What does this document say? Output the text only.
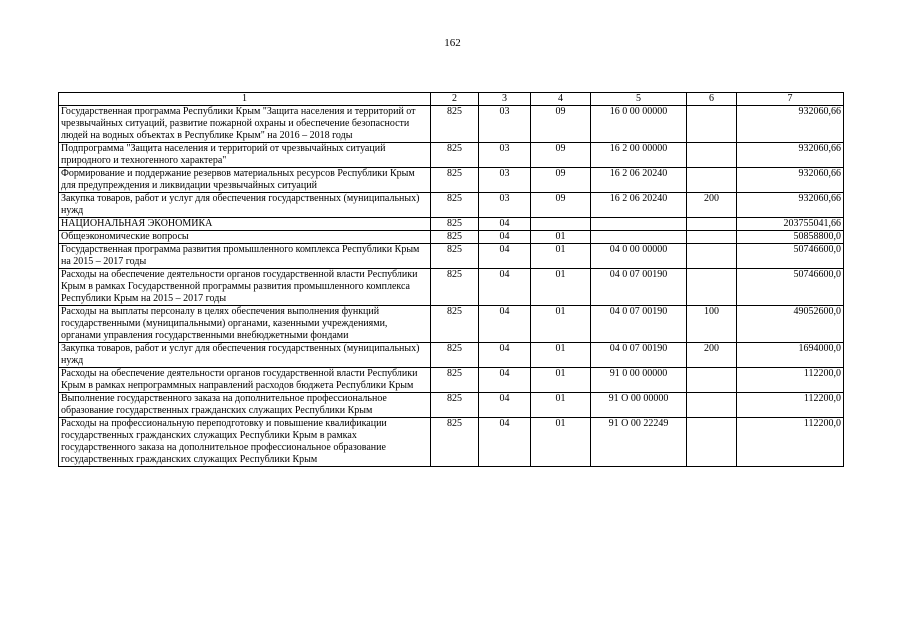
162
1	2	3	4	5	6	7
Государственная программа Республики Крым "Защита населения и территорий от чрезвычайных ситуаций, развитие пожарной охраны и обеспечение безопасности людей на водных объектах в Республике Крым" на 2016 – 2018 годы	825	03	09	16 0 00 00000		932060,66
Подпрограмма "Защита населения и территорий от чрезвычайных ситуаций природного и техногенного характера"	825	03	09	16 2 00 00000		932060,66
Формирование и поддержание резервов материальных ресурсов Республики Крым для предупреждения и ликвидации чрезвычайных ситуаций	825	03	09	16 2 06 20240		932060,66
Закупка товаров, работ и услуг для обеспечения государственных (муниципальных) нужд	825	03	09	16 2 06 20240	200	932060,66
НАЦИОНАЛЬНАЯ ЭКОНОМИКА	825	04				203755041,66
Общеэкономические вопросы	825	04	01			50858800,0
Государственная программа развития промышленного комплекса Республики Крым на 2015 – 2017 годы	825	04	01	04 0 00 00000		50746600,0
Расходы на обеспечение деятельности органов государственной власти Республики Крым в рамках Государственной программы развития промышленного комплекса Республики Крым на 2015 – 2017 годы	825	04	01	04 0 07 00190		50746600,0
Расходы на выплаты персоналу в целях обеспечения выполнения функций государственными (муниципальными) органами, казенными учреждениями, органами управления государственными внебюджетными фондами	825	04	01	04 0 07 00190	100	49052600,0
Закупка товаров, работ и услуг для обеспечения государственных (муниципальных) нужд	825	04	01	04 0 07 00190	200	1694000,0
Расходы на обеспечение деятельности органов государственной власти Республики Крым в рамках непрограммных направлений расходов бюджета Республики Крым	825	04	01	91 0 00 00000		112200,0
Выполнение государственного заказа на дополнительное профессиональное образование государственных гражданских служащих Республики Крым	825	04	01	91 О 00 00000		112200,0
Расходы на профессиональную переподготовку и повышение квалификации государственных гражданских служащих Республики Крым в рамках государственного заказа на дополнительное профессиональное образование государственных гражданских служащих Республики Крым	825	04	01	91 О 00 22249		112200,0
